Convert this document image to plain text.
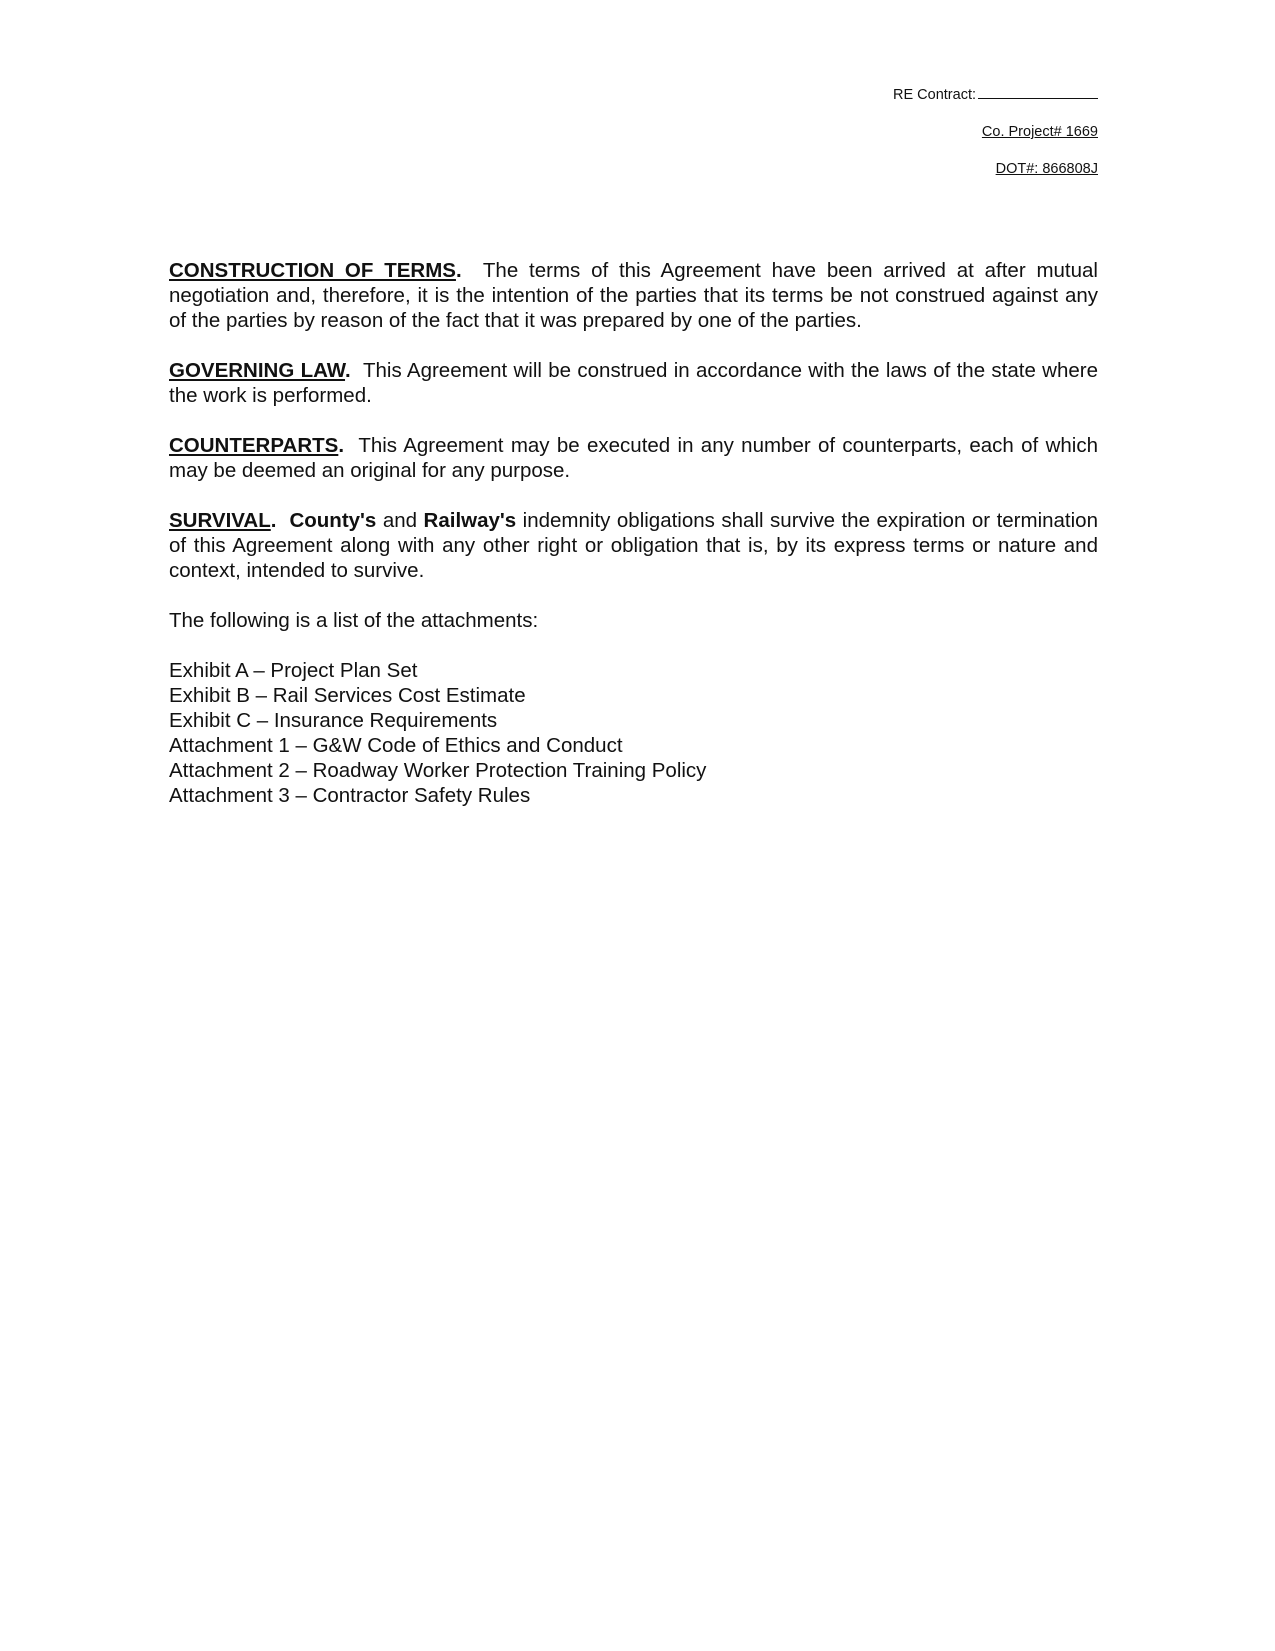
RE Contract:
Co. Project# 1669
DOT#: 866808J

CONSTRUCTION OF TERMS. The terms of this Agreement have been arrived at after mutual negotiation and, therefore, it is the intention of the parties that its terms be not construed against any of the parties by reason of the fact that it was prepared by one of the parties.

GOVERNING LAW. This Agreement will be construed in accordance with the laws of the state where the work is performed.

COUNTERPARTS. This Agreement may be executed in any number of counterparts, each of which may be deemed an original for any purpose.

SURVIVAL. County's and Railway's indemnity obligations shall survive the expiration or termination of this Agreement along with any other right or obligation that is, by its express terms or nature and context, intended to survive.

The following is a list of the attachments:

Exhibit A – Project Plan Set
Exhibit B – Rail Services Cost Estimate
Exhibit C – Insurance Requirements
Attachment 1 – G&W Code of Ethics and Conduct
Attachment 2 – Roadway Worker Protection Training Policy
Attachment 3 – Contractor Safety Rules
